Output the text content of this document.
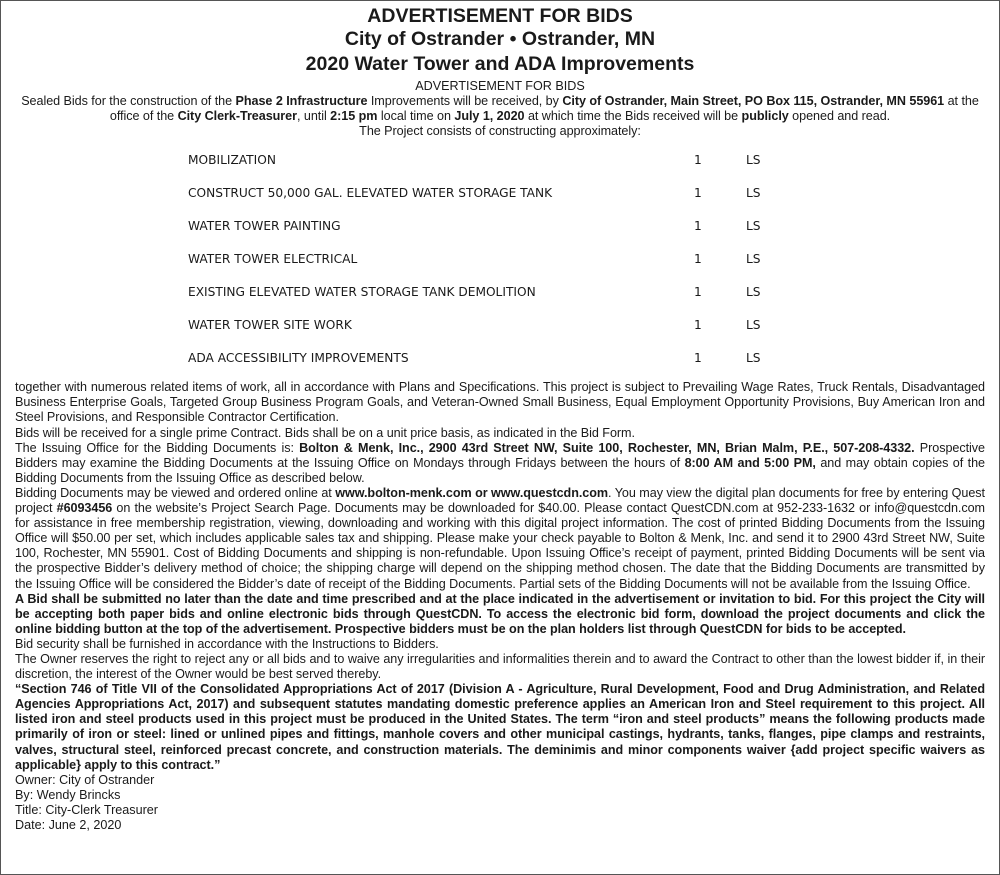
ADVERTISEMENT FOR BIDS
City of Ostrander • Ostrander, MN
2020 Water Tower and ADA Improvements
ADVERTISEMENT FOR BIDS
Sealed Bids for the construction of the Phase 2 Infrastructure Improvements will be received, by City of Ostrander, Main Street, PO Box 115, Ostrander, MN 55961 at the office of the City Clerk-Treasurer, until 2:15 pm local time on July 1, 2020 at which time the Bids received will be publicly opened and read.
The Project consists of constructing approximately:
MOBILIZATION	1	LS
CONSTRUCT 50,000 GAL. ELEVATED WATER STORAGE TANK	1	LS
WATER TOWER PAINTING	1	LS
WATER TOWER ELECTRICAL	1	LS
EXISTING ELEVATED WATER STORAGE TANK DEMOLITION	1	LS
WATER TOWER SITE WORK	1	LS
ADA ACCESSIBILITY IMPROVEMENTS	1	LS
together with numerous related items of work, all in accordance with Plans and Specifications. This project is subject to Prevailing Wage Rates, Truck Rentals, Disadvantaged Business Enterprise Goals, Targeted Group Business Program Goals, and Veteran-Owned Small Business, Equal Employment Opportunity Provisions, Buy American Iron and Steel Provisions, and Responsible Contractor Certification.
Bids will be received for a single prime Contract. Bids shall be on a unit price basis, as indicated in the Bid Form.
The Issuing Office for the Bidding Documents is: Bolton & Menk, Inc., 2900 43rd Street NW, Suite 100, Rochester, MN, Brian Malm, P.E., 507-208-4332. Prospective Bidders may examine the Bidding Documents at the Issuing Office on Mondays through Fridays between the hours of 8:00 AM and 5:00 PM, and may obtain copies of the Bidding Documents from the Issuing Office as described below.
Bidding Documents may be viewed and ordered online at www.bolton-menk.com or www.questcdn.com. You may view the digital plan documents for free by entering Quest project #6093456 on the website’s Project Search Page. Documents may be downloaded for $40.00. Please contact QuestCDN.com at 952-233-1632 or info@questcdn.com for assistance in free membership registration, viewing, downloading and working with this digital project information. The cost of printed Bidding Documents from the Issuing Office will $50.00 per set, which includes applicable sales tax and shipping. Please make your check payable to Bolton & Menk, Inc. and send it to 2900 43rd Street NW, Suite 100, Rochester, MN 55901. Cost of Bidding Documents and shipping is non-refundable. Upon Issuing Office’s receipt of payment, printed Bidding Documents will be sent via the prospective Bidder’s delivery method of choice; the shipping charge will depend on the shipping method chosen. The date that the Bidding Documents are transmitted by the Issuing Office will be considered the Bidder’s date of receipt of the Bidding Documents. Partial sets of the Bidding Documents will not be available from the Issuing Office.
A Bid shall be submitted no later than the date and time prescribed and at the place indicated in the advertisement or invitation to bid. For this project the City will be accepting both paper bids and online electronic bids through QuestCDN. To access the electronic bid form, download the project documents and click the online bidding button at the top of the advertisement. Prospective bidders must be on the plan holders list through QuestCDN for bids to be accepted.
Bid security shall be furnished in accordance with the Instructions to Bidders.
The Owner reserves the right to reject any or all bids and to waive any irregularities and informalities therein and to award the Contract to other than the lowest bidder if, in their discretion, the interest of the Owner would be best served thereby.
“Section 746 of Title VII of the Consolidated Appropriations Act of 2017 (Division A - Agriculture, Rural Development, Food and Drug Administration, and Related Agencies Appropriations Act, 2017) and subsequent statutes mandating domestic preference applies an American Iron and Steel requirement to this project. All listed iron and steel products used in this project must be produced in the United States. The term “iron and steel products” means the following products made primarily of iron or steel: lined or unlined pipes and fittings, manhole covers and other municipal castings, hydrants, tanks, flanges, pipe clamps and restraints, valves, structural steel, reinforced precast concrete, and construction materials. The deminimis and minor components waiver {add project specific waivers as applicable} apply to this contract.”
Owner: City of Ostrander
By: Wendy Brincks
Title: City-Clerk Treasurer
Date: June 2, 2020
